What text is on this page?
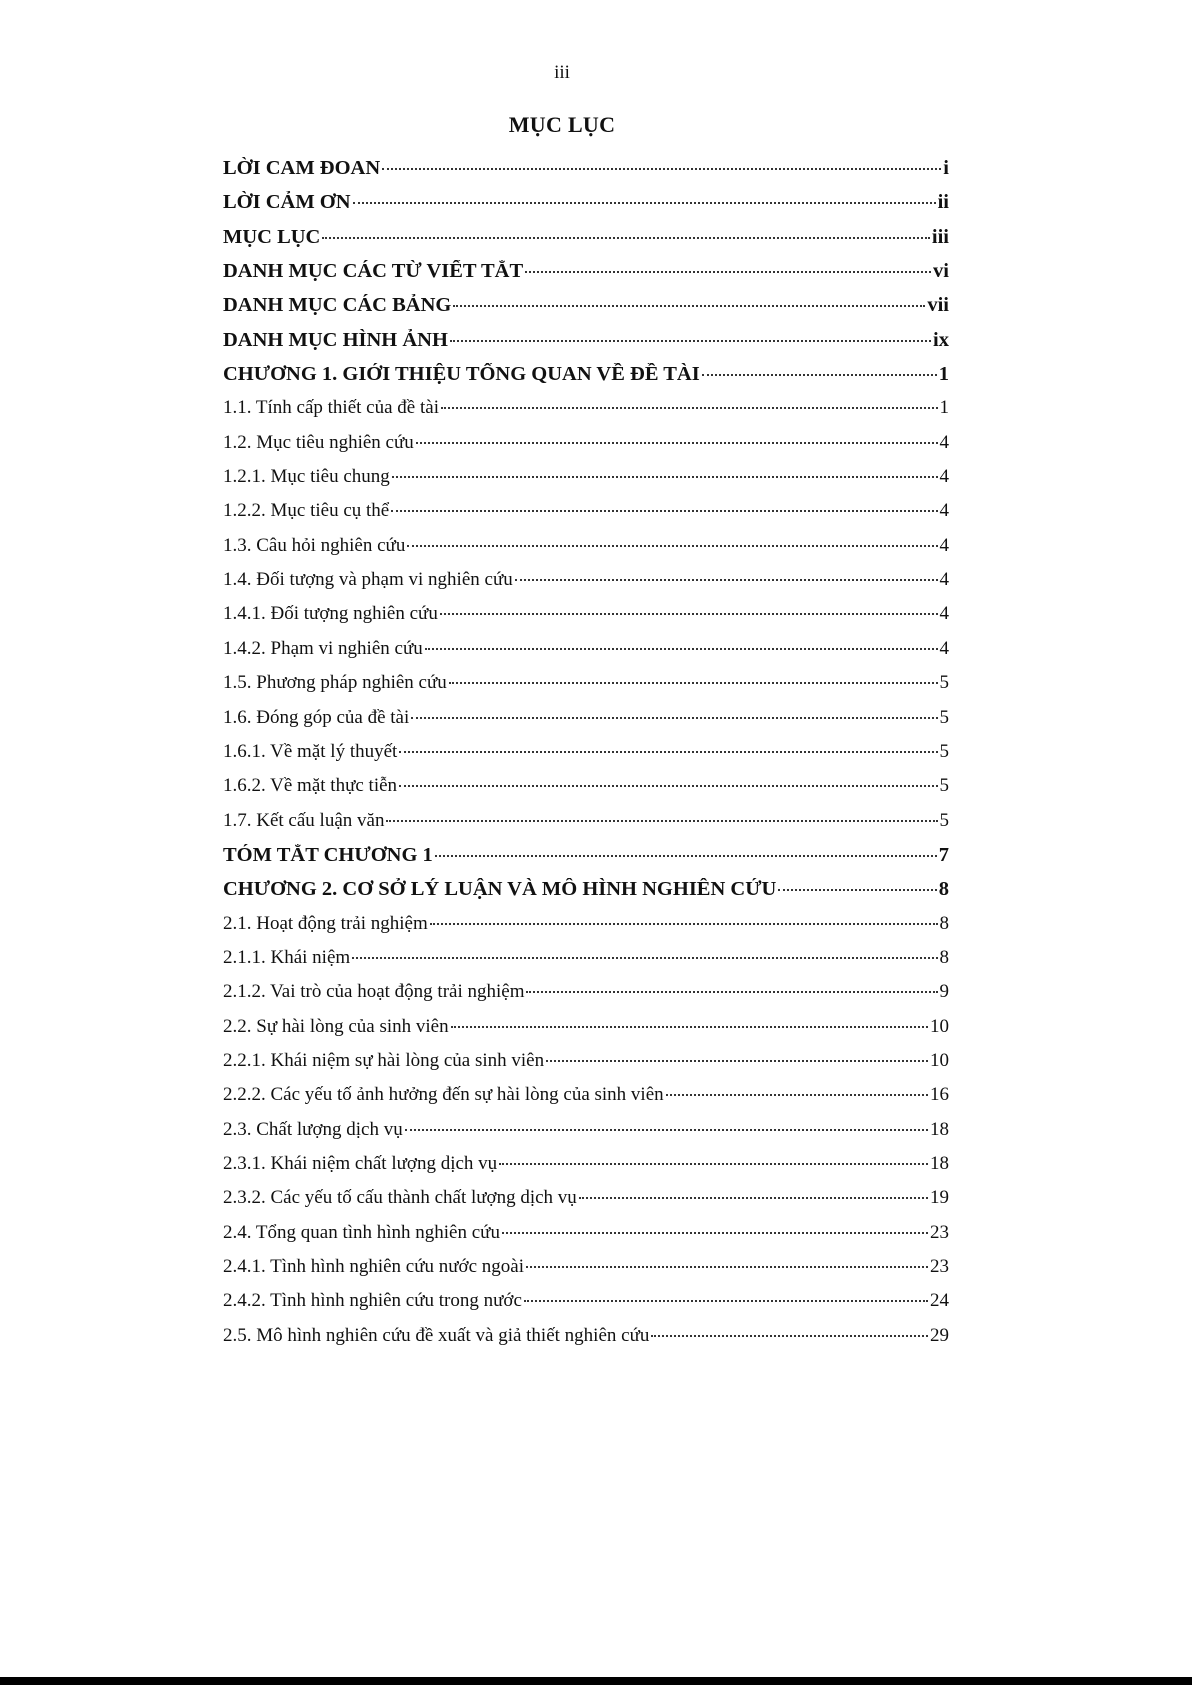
iii
MỤC LỤC
LỜI CAM ĐOAN	i
LỜI CẢM ƠN	ii
MỤC LỤC	iii
DANH MỤC CÁC TỪ VIẾT TẮT	vi
DANH MỤC CÁC BẢNG	vii
DANH MỤC HÌNH ẢNH	ix
CHƯƠNG 1. GIỚI THIỆU TỔNG QUAN VỀ ĐỀ TÀI	1
1.1. Tính cấp thiết của đề tài	1
1.2. Mục tiêu nghiên cứu	4
1.2.1. Mục tiêu chung	4
1.2.2. Mục tiêu cụ thể	4
1.3. Câu hỏi nghiên cứu	4
1.4. Đối tượng và phạm vi nghiên cứu	4
1.4.1. Đối tượng nghiên cứu	4
1.4.2. Phạm vi nghiên cứu	4
1.5. Phương pháp nghiên cứu	5
1.6. Đóng góp của đề tài	5
1.6.1. Về mặt lý thuyết	5
1.6.2. Về mặt thực tiễn	5
1.7. Kết cấu luận văn	5
TÓM TẮT CHƯƠNG 1	7
CHƯƠNG 2. CƠ SỞ LÝ LUẬN VÀ MÔ HÌNH NGHIÊN CỨU	8
2.1. Hoạt động trải nghiệm	8
2.1.1. Khái niệm	8
2.1.2. Vai trò của hoạt động trải nghiệm	9
2.2. Sự hài lòng của sinh viên	10
2.2.1. Khái niệm sự hài lòng của sinh viên	10
2.2.2. Các yếu tố ảnh hưởng đến sự hài lòng của sinh viên	16
2.3. Chất lượng dịch vụ	18
2.3.1. Khái niệm chất lượng dịch vụ	18
2.3.2. Các yếu tố cấu thành chất lượng dịch vụ	19
2.4. Tổng quan tình hình nghiên cứu	23
2.4.1. Tình hình nghiên cứu nước ngoài	23
2.4.2. Tình hình nghiên cứu trong nước	24
2.5. Mô hình nghiên cứu đề xuất và giả thiết nghiên cứu	29
